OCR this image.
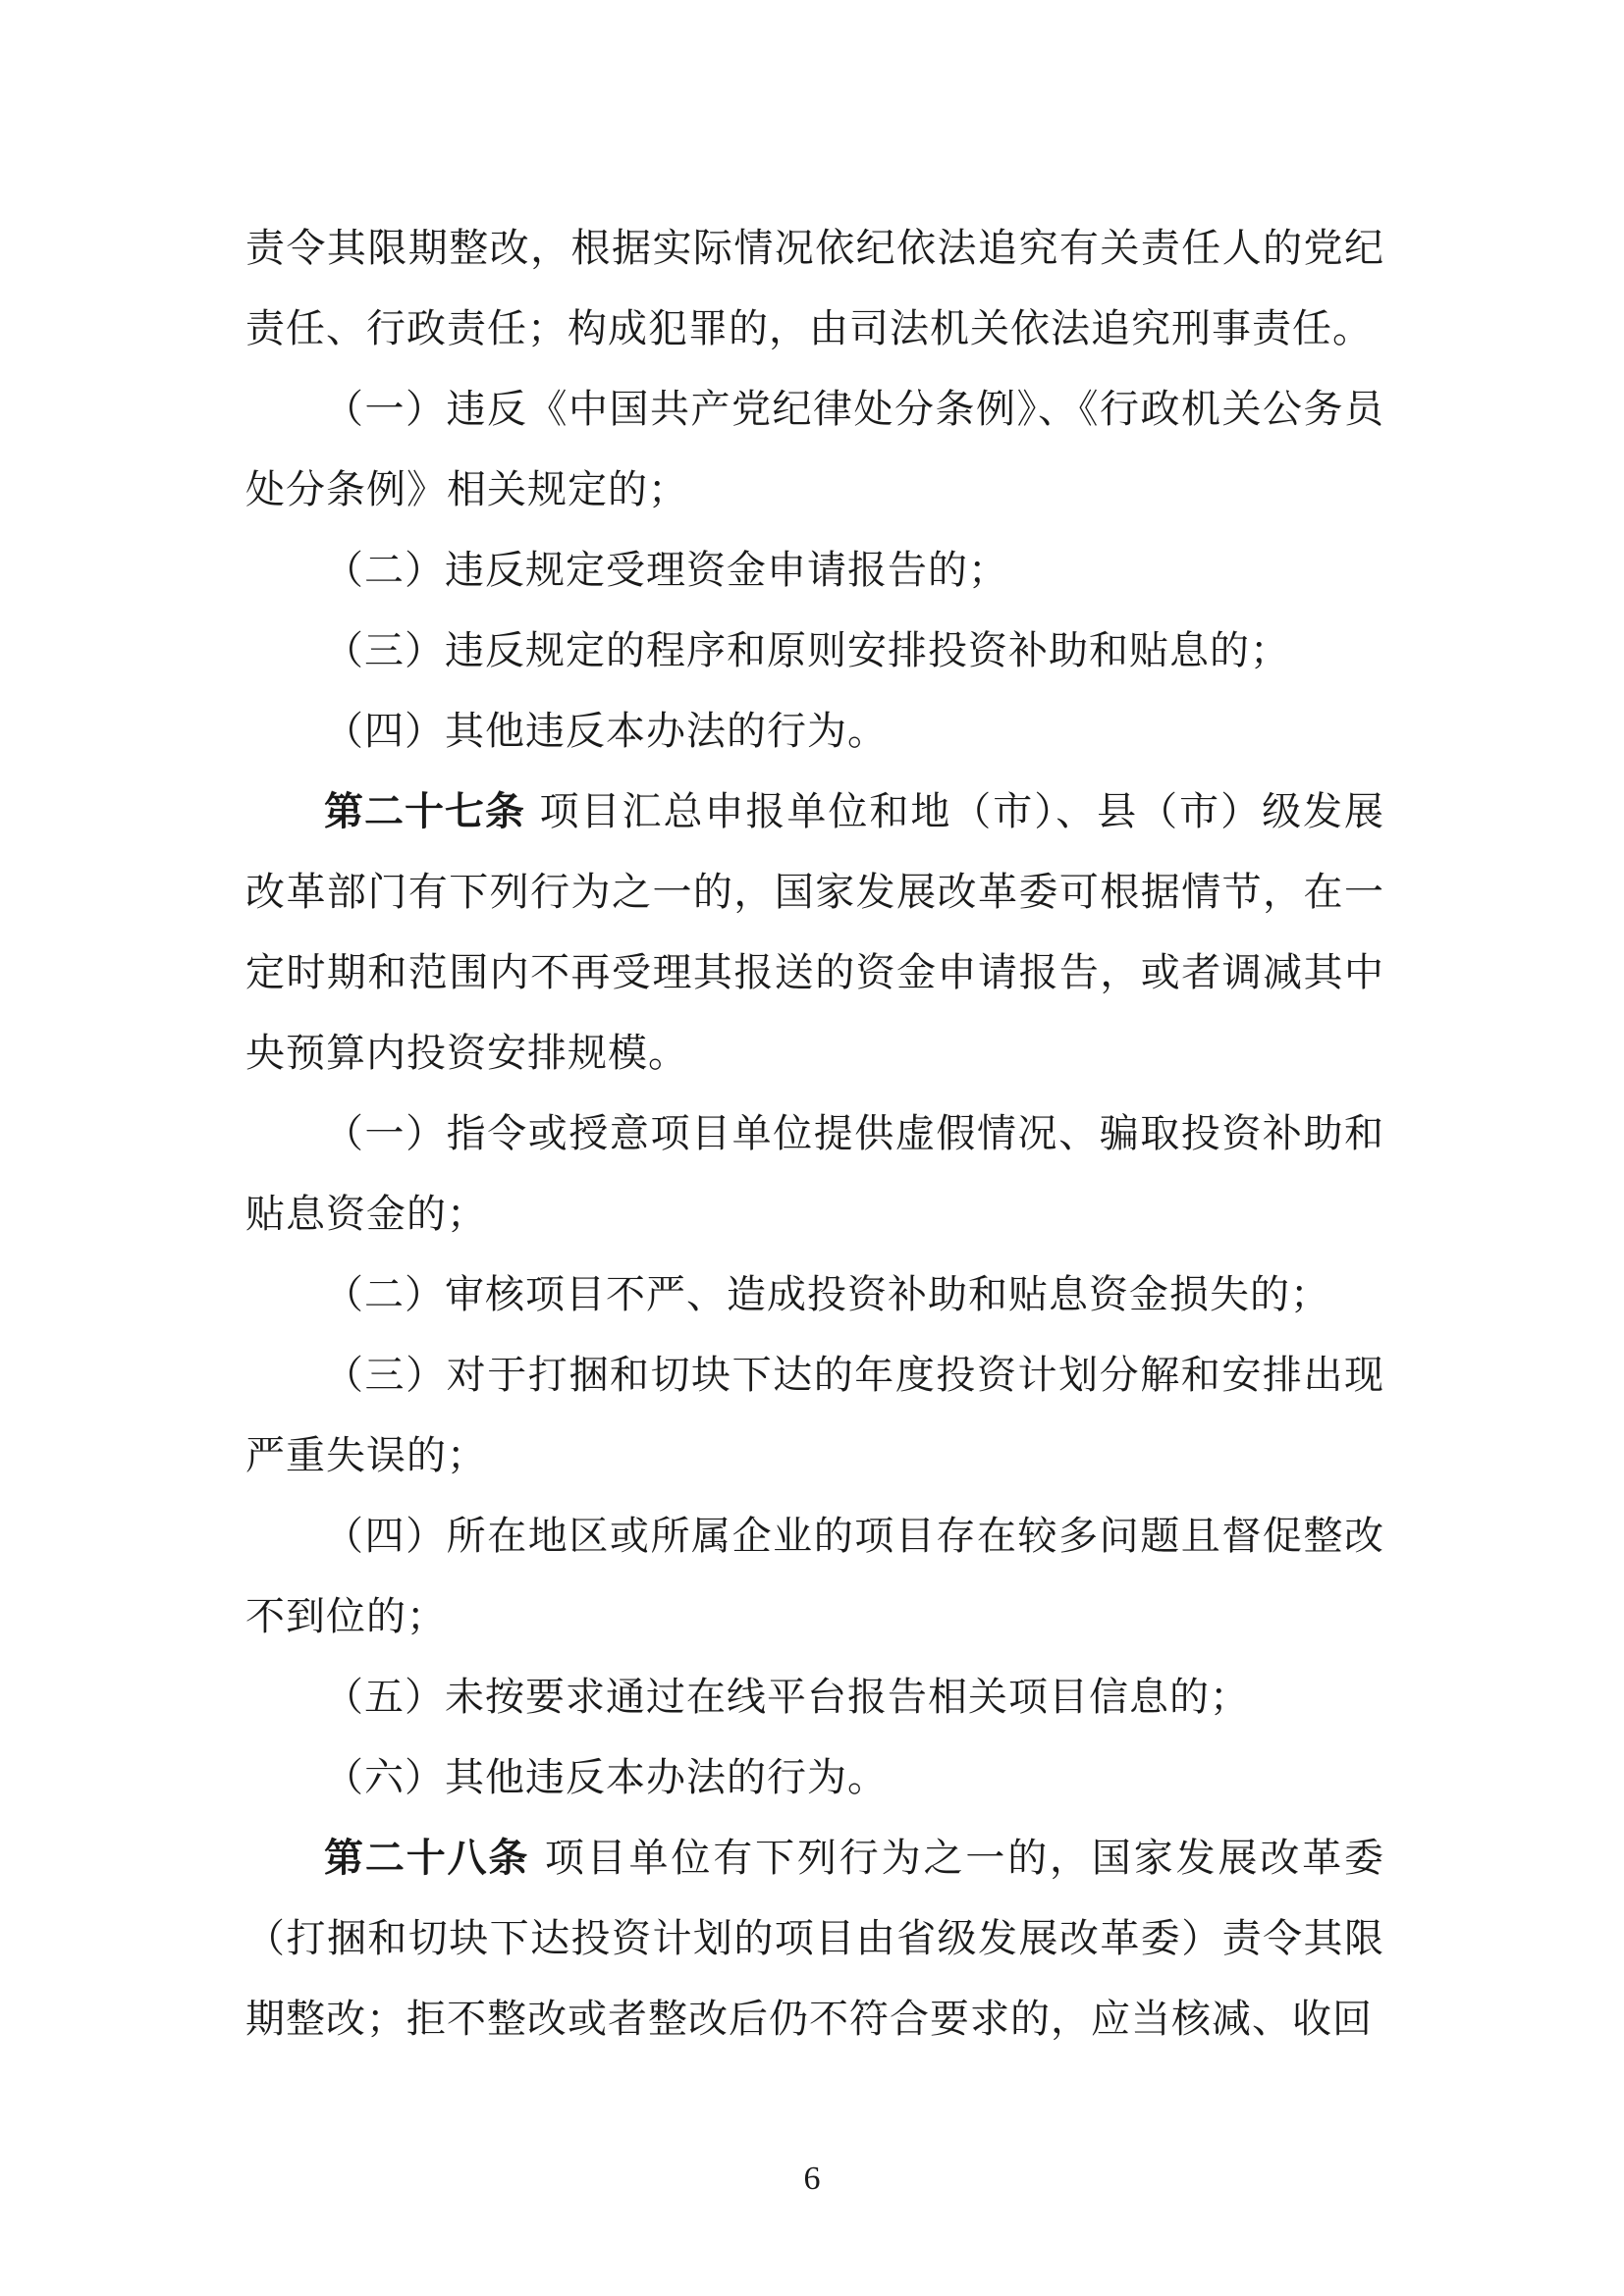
责令其限期整改，根据实际情况依纪依法追究有关责任人的党纪责任、行政责任；构成犯罪的，由司法机关依法追究刑事责任。

（一）违反《中国共产党纪律处分条例》、《行政机关公务员处分条例》相关规定的；

（二）违反规定受理资金申请报告的；

（三）违反规定的程序和原则安排投资补助和贴息的；

（四）其他违反本办法的行为。

第二十七条 项目汇总申报单位和地（市）、县（市）级发展改革部门有下列行为之一的，国家发展改革委可根据情节，在一定时期和范围内不再受理其报送的资金申请报告，或者调减其中央预算内投资安排规模。

（一）指令或授意项目单位提供虚假情况、骗取投资补助和贴息资金的；

（二）审核项目不严、造成投资补助和贴息资金损失的；

（三）对于打捆和切块下达的年度投资计划分解和安排出现严重失误的；

（四）所在地区或所属企业的项目存在较多问题且督促整改不到位的；

（五）未按要求通过在线平台报告相关项目信息的；

（六）其他违反本办法的行为。

第二十八条 项目单位有下列行为之一的，国家发展改革委（打捆和切块下达投资计划的项目由省级发展改革委）责令其限期整改；拒不整改或者整改后仍不符合要求的，应当核减、收回

6
